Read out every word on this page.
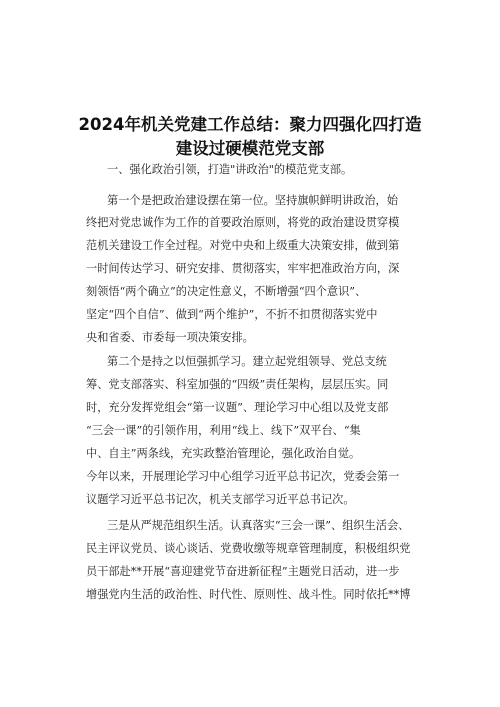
2024年机关党建工作总结：聚力四强化四打造
建设过硬模范党支部
一、强化政治引领，打造"讲政治"的模范党支部。
第一个是把政治建设摆在第一位。坚持旗帜鲜明讲政治，始
终把对党忠诚作为工作的首要政治原则，将党的政治建设贯穿模
范机关建设工作全过程。对党中央和上级重大决策安排，做到第
一时间传达学习、研究安排、贯彻落实，牢牢把准政治方向，深
刻领悟“两个确立”的决定性意义，不断增强“四个意识”、
坚定“四个自信”、做到“两个维护”，不折不扣贯彻落实党中
央和省委、市委每一项决策安排。
第二个是持之以恒强抓学习。建立起党组领导、党总支统
筹、党支部落实、科室加强的“四级”责任架构，层层压实。同
时，充分发挥党组会“第一议题”、理论学习中心组以及党支部
“三会一课”的引领作用，利用“线上、线下”双平台、“集
中、自主”两条线，充实政整治管理论，强化政治自觉。
今年以来，开展理论学习中心组学习近平总书记次，党委会第一
议题学习近平总书记次，机关支部学习近平总书记次。
三是从严规范组织生活。认真落实“三会一课”、组织生活会、
民主评议党员、谈心谈话、党费收缴等规章管理制度，积极组织党
员干部赴**开展“喜迎建党节奋进新征程”主题党日活动，进一步
增强党内生活的政治性、时代性、原则性、战斗性。同时依托**博
